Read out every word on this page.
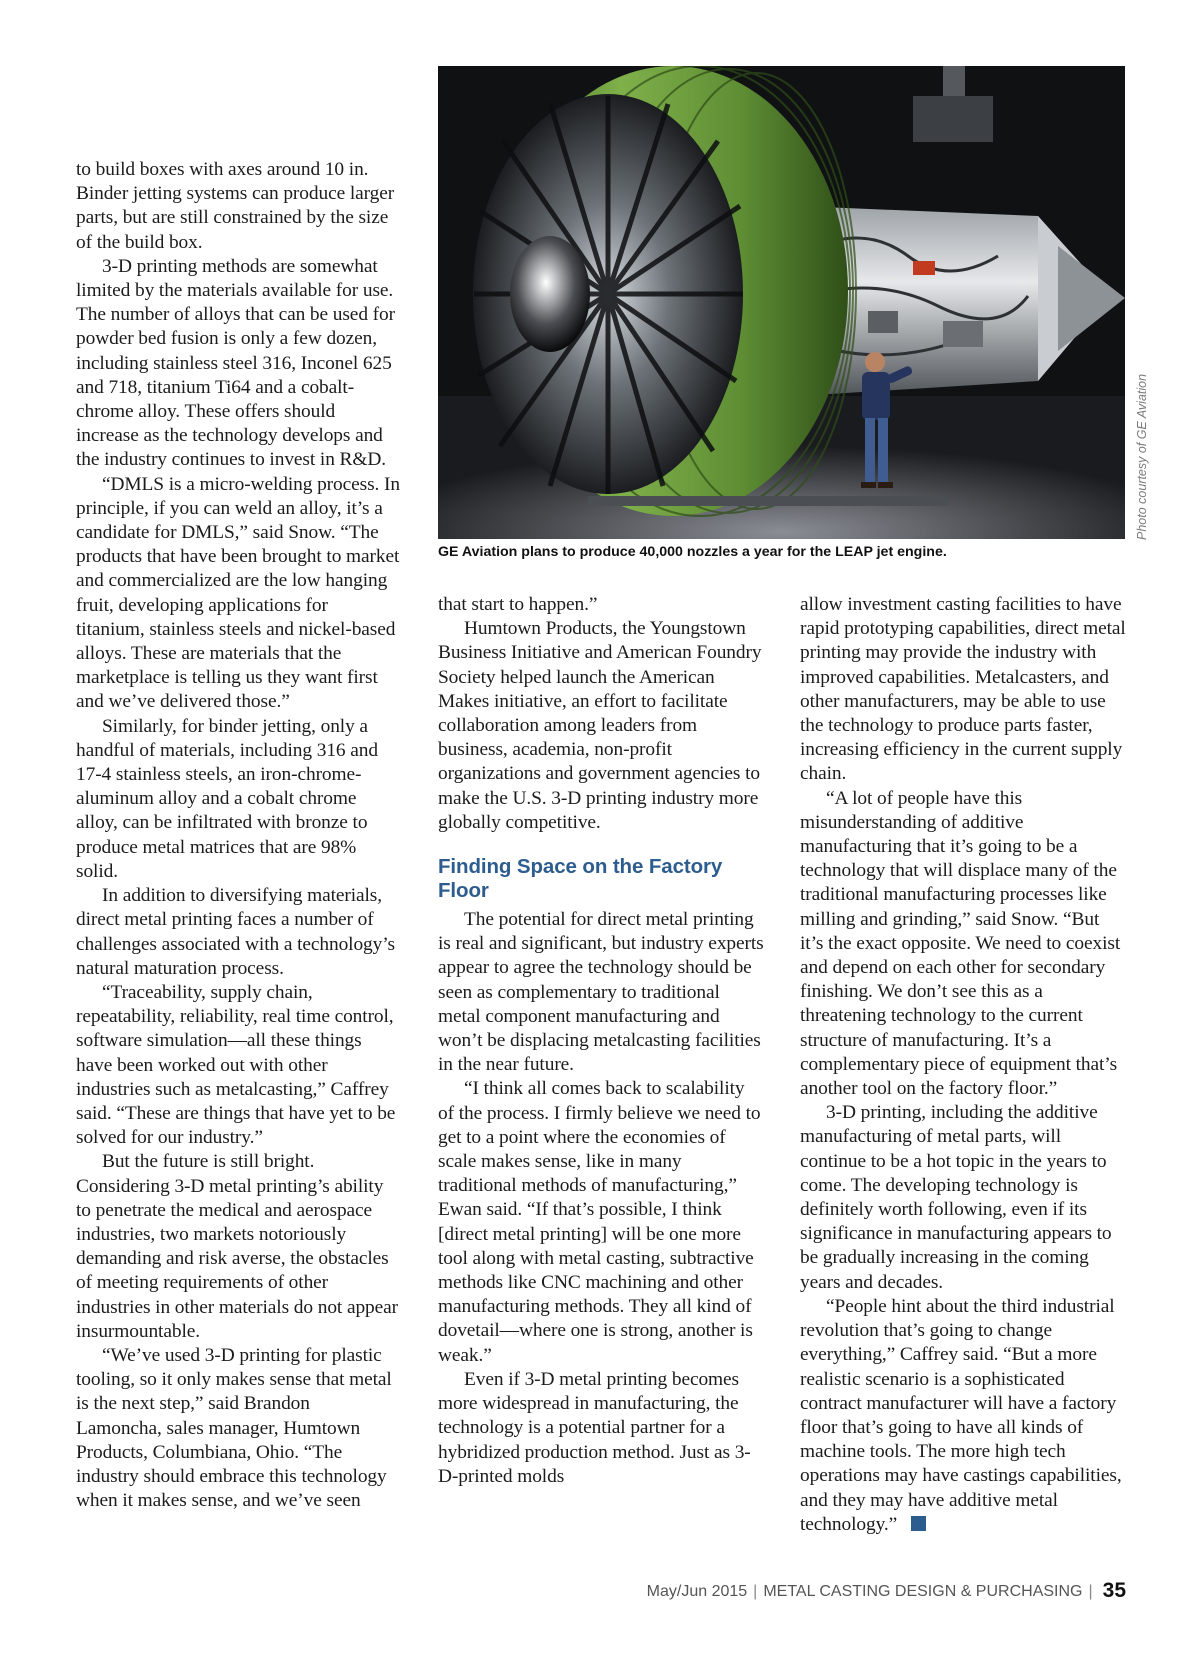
to build boxes with axes around 10 in. Binder jetting systems can produce larger parts, but are still constrained by the size of the build box.

3-D printing methods are somewhat limited by the materials available for use. The number of alloys that can be used for powder bed fusion is only a few dozen, including stainless steel 316, Inconel 625 and 718, titanium Ti64 and a cobalt-chrome alloy. These offers should increase as the technology develops and the industry continues to invest in R&D.

“DMLS is a micro-welding process. In principle, if you can weld an alloy, it’s a candidate for DMLS,” said Snow. “The products that have been brought to market and commercialized are the low hanging fruit, developing applications for titanium, stainless steels and nickel-based alloys. These are materials that the marketplace is telling us they want first and we’ve delivered those.”

Similarly, for binder jetting, only a handful of materials, including 316 and 17-4 stainless steels, an iron-chrome-aluminum alloy and a cobalt chrome alloy, can be infiltrated with bronze to produce metal matrices that are 98% solid.

In addition to diversifying materials, direct metal printing faces a number of challenges associated with a technology’s natural maturation process.

“Traceability, supply chain, repeatability, reliability, real time control, software simulation—all these things have been worked out with other industries such as metalcasting,” Caffrey said. “These are things that have yet to be solved for our industry.”

But the future is still bright. Considering 3-D metal printing’s ability to penetrate the medical and aerospace industries, two markets notoriously demanding and risk averse, the obstacles of meeting requirements of other industries in other materials do not appear insurmountable.

“We’ve used 3-D printing for plastic tooling, so it only makes sense that metal is the next step,” said Brandon Lamoncha, sales manager, Humtown Products, Columbiana, Ohio. “The industry should embrace this technology when it makes sense, and we’ve seen

Photo courtesy of GE Aviation
GE Aviation plans to produce 40,000 nozzles a year for the LEAP jet engine.

that start to happen.”

Humtown Products, the Youngstown Business Initiative and American Foundry Society helped launch the American Makes initiative, an effort to facilitate collaboration among leaders from business, academia, non-profit organizations and government agencies to make the U.S. 3-D printing industry more globally competitive.

Finding Space on the Factory Floor

The potential for direct metal printing is real and significant, but industry experts appear to agree the technology should be seen as complementary to traditional metal component manufacturing and won’t be displacing metalcasting facilities in the near future.

“I think all comes back to scalability of the process. I firmly believe we need to get to a point where the economies of scale makes sense, like in many traditional methods of manufacturing,” Ewan said. “If that’s possible, I think [direct metal printing] will be one more tool along with metal casting, subtractive methods like CNC machining and other manufacturing methods. They all kind of dovetail—where one is strong, another is weak.”

Even if 3-D metal printing becomes more widespread in manufacturing, the technology is a potential partner for a hybridized production method. Just as 3-D-printed molds

allow investment casting facilities to have rapid prototyping capabilities, direct metal printing may provide the industry with improved capabilities. Metalcasters, and other manufacturers, may be able to use the technology to produce parts faster, increasing efficiency in the current supply chain.

“A lot of people have this misunderstanding of additive manufacturing that it’s going to be a technology that will displace many of the traditional manufacturing processes like milling and grinding,” said Snow. “But it’s the exact opposite. We need to coexist and depend on each other for secondary finishing. We don’t see this as a threatening technology to the current structure of manufacturing. It’s a complementary piece of equipment that’s another tool on the factory floor.”

3-D printing, including the additive manufacturing of metal parts, will continue to be a hot topic in the years to come. The developing technology is definitely worth following, even if its significance in manufacturing appears to be gradually increasing in the coming years and decades.

“People hint about the third industrial revolution that’s going to change everything,” Caffrey said. “But a more realistic scenario is a sophisticated contract manufacturer will have a factory floor that’s going to have all kinds of machine tools. The more high tech operations may have castings capabilities, and they may have additive metal technology.”

May/Jun 2015 | METAL CASTING DESIGN & PURCHASING | 35
